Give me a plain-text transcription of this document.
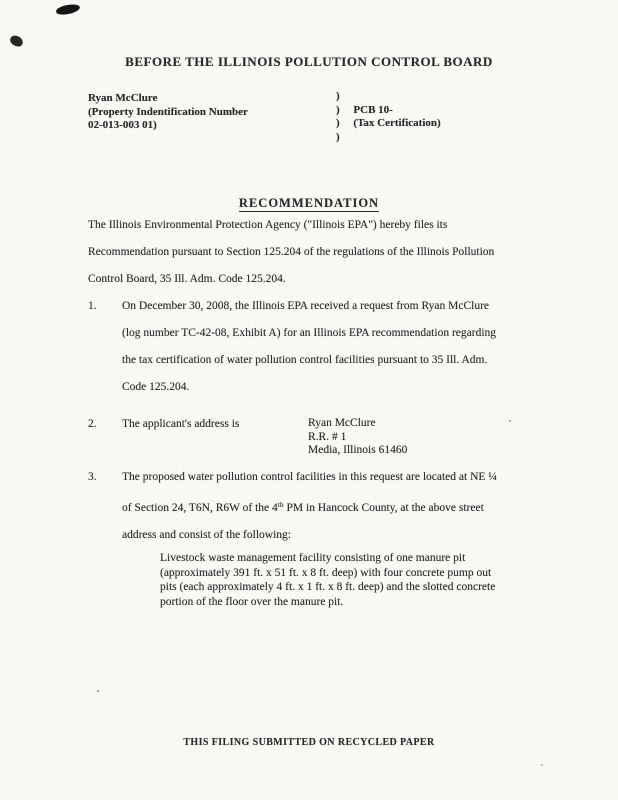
BEFORE THE ILLINOIS POLLUTION CONTROL BOARD
Ryan McClure
(Property Indentification Number
02-013-003 01)
)
)     PCB 10-
)     (Tax Certification)
)
RECOMMENDATION
The Illinois Environmental Protection Agency ("Illinois EPA") hereby files its
Recommendation pursuant to Section 125.204 of the regulations of the Illinois Pollution
Control Board, 35 Ill. Adm. Code 125.204.
1. On December 30, 2008, the Illinois EPA received a request from Ryan McClure
(log number TC-42-08, Exhibit A) for an Illinois EPA recommendation regarding
the tax certification of water pollution control facilities pursuant to 35 Ill. Adm.
Code 125.204.
2. The applicant's address is	Ryan McClure
R.R. # 1
Media, Illinois 61460
3. The proposed water pollution control facilities in this request are located at NE ¼
of Section 24, T6N, R6W of the 4th PM in Hancock County, at the above street
address and consist of the following:
Livestock waste management facility consisting of one manure pit
(approximately 391 ft. x 51 ft. x 8 ft. deep) with four concrete pump out
pits (each approximately 4 ft. x 1 ft. x 8 ft. deep) and the slotted concrete
portion of the floor over the manure pit.
THIS FILING SUBMITTED ON RECYCLED PAPER
